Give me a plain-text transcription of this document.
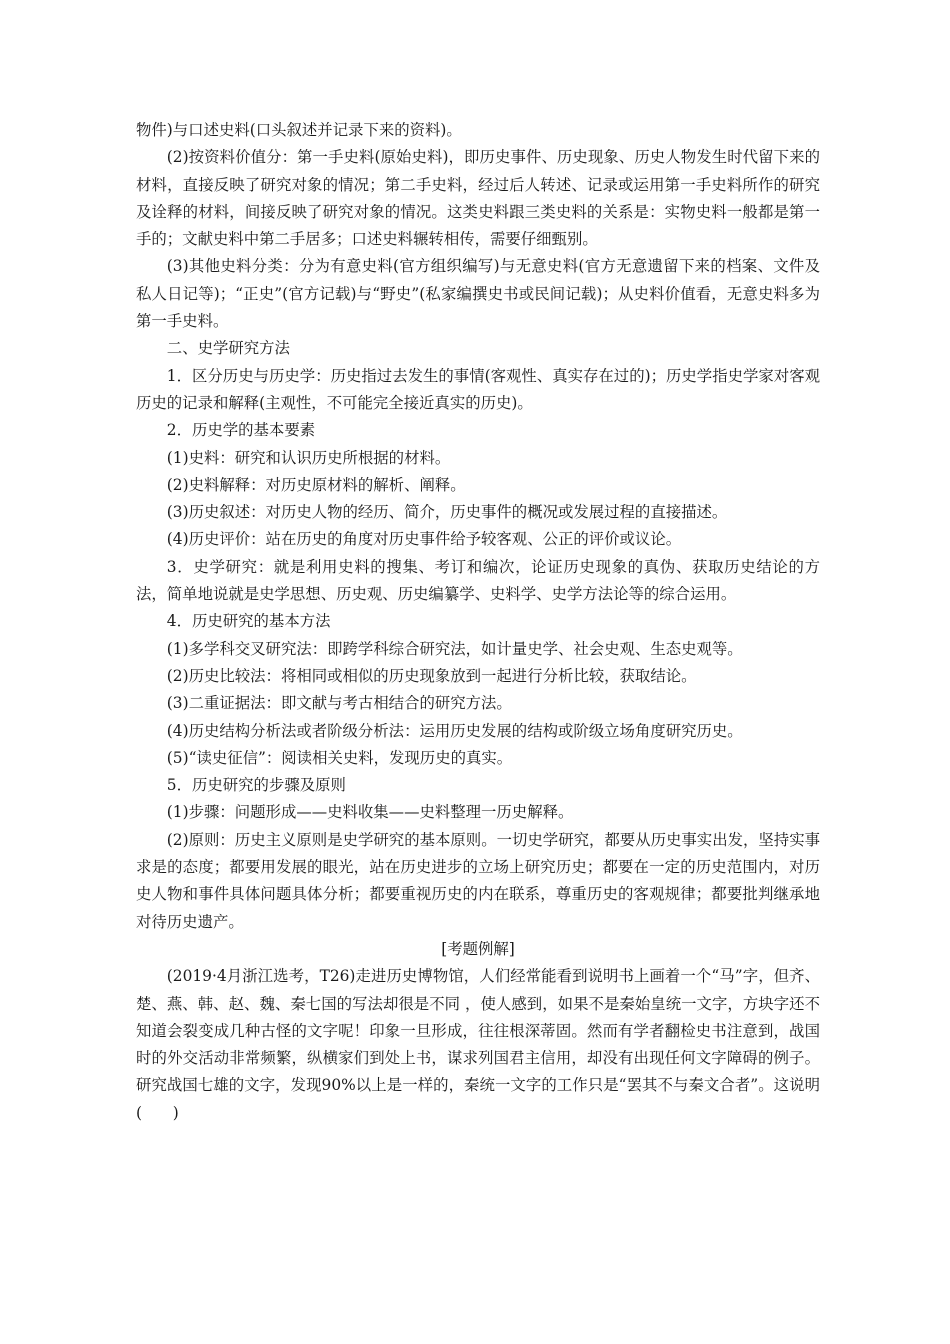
物件)与口述史料(口头叙述并记录下来的资料)。

(2)按资料价值分：第一手史料(原始史料)，即历史事件、历史现象、历史人物发生时代留下来的材料，直接反映了研究对象的情况；第二手史料，经过后人转述、记录或运用第一手史料所作的研究及诠释的材料，间接反映了研究对象的情况。这类史料跟三类史料的关系是：实物史料一般都是第一手的；文献史料中第二手居多；口述史料辗转相传，需要仔细甄别。

(3)其他史料分类：分为有意史料(官方组织编写)与无意史料(官方无意遗留下来的档案、文件及私人日记等)；“正史”(官方记载)与“野史”(私家编撰史书或民间记载)；从史料价值看，无意史料多为第一手史料。

二、史学研究方法

1．区分历史与历史学：历史指过去发生的事情(客观性、真实存在过的)；历史学指史学家对客观历史的记录和解释(主观性，不可能完全接近真实的历史)。

2．历史学的基本要素

(1)史料：研究和认识历史所根据的材料。

(2)史料解释：对历史原材料的解析、阐释。

(3)历史叙述：对历史人物的经历、简介，历史事件的概况或发展过程的直接描述。

(4)历史评价：站在历史的角度对历史事件给予较客观、公正的评价或议论。

3．史学研究：就是利用史料的搜集、考订和编次，论证历史现象的真伪、获取历史结论的方法，简单地说就是史学思想、历史观、历史编纂学、史料学、史学方法论等的综合运用。

4．历史研究的基本方法

(1)多学科交叉研究法：即跨学科综合研究法，如计量史学、社会史观、生态史观等。

(2)历史比较法：将相同或相似的历史现象放到一起进行分析比较，获取结论。

(3)二重证据法：即文献与考古相结合的研究方法。

(4)历史结构分析法或者阶级分析法：运用历史发展的结构或阶级立场角度研究历史。

(5)“读史征信”：阅读相关史料，发现历史的真实。

5．历史研究的步骤及原则

(1)步骤：问题形成——史料收集——史料整理一历史解释。

(2)原则：历史主义原则是史学研究的基本原则。一切史学研究，都要从历史事实出发，坚持实事求是的态度；都要用发展的眼光，站在历史进步的立场上研究历史；都要在一定的历史范围内，对历史人物和事件具体问题具体分析；都要重视历史的内在联系，尊重历史的客观规律；都要批判继承地对待历史遗产。

[考题例解]

(2019·4月浙江选考，T26)走进历史博物馆，人们经常能看到说明书上画着一个“马”字，但齐、楚、燕、韩、赵、魏、秦七国的写法却很是不同 ，使人感到，如果不是秦始皇统一文字，方块字还不知道会裂变成几种古怪的文字呢！印象一旦形成，往往根深蒂固。然而有学者翻检史书注意到，战国时的外交活动非常频繁，纵横家们到处上书，谋求列国君主信用，却没有出现任何文字障碍的例子。研究战国七雄的文字，发现90%以上是一样的，秦统一文字的工作只是“罢其不与秦文合者”。这说明(　　)
